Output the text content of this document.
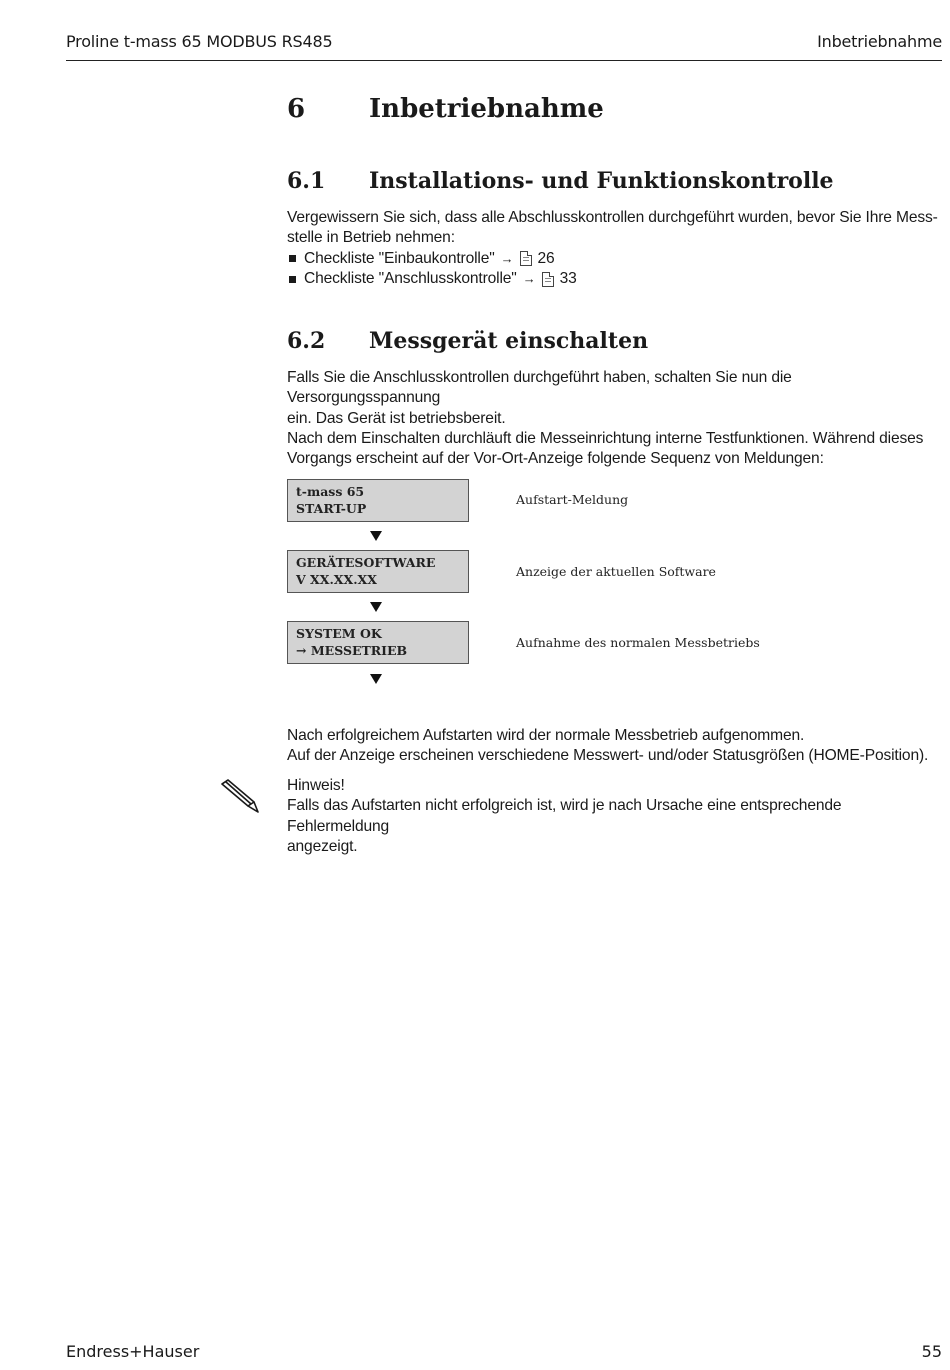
Proline t-mass 65 MODBUS RS485	Inbetriebnahme
6 Inbetriebnahme
6.1 Installations- und Funktionskontrolle

Vergewissern Sie sich, dass alle Abschlusskontrollen durchgeführt wurden, bevor Sie Ihre Mess-

stelle in Betrieb nehmen:

Checkliste "Einbaukontrolle" → 26
Checkliste "Anschlusskontrolle" → 33
6.2 Messgerät einschalten

Falls Sie die Anschlusskontrollen durchgeführt haben, schalten Sie nun die Versorgungsspannung

ein. Das Gerät ist betriebsbereit.

Nach dem Einschalten durchläuft die Messeinrichtung interne Testfunktionen. Während dieses

Vorgangs erscheint auf der Vor-Ort-Anzeige folgende Sequenz von Meldungen:

t-mass 65
START-UP
Aufstart-Meldung
GERÄTESOFTWARE
V XX.XX.XX
Anzeige der aktuellen Software
SYSTEM OK
→ MESSETRIEB
Aufnahme des normalen Messbetriebs

Nach erfolgreichem Aufstarten wird der normale Messbetrieb aufgenommen.

Auf der Anzeige erscheinen verschiedene Messwert- und/oder Statusgrößen (HOME-Position).

Hinweis!

Falls das Aufstarten nicht erfolgreich ist, wird je nach Ursache eine entsprechende Fehlermeldung

angezeigt.

Endress+Hauser	55
